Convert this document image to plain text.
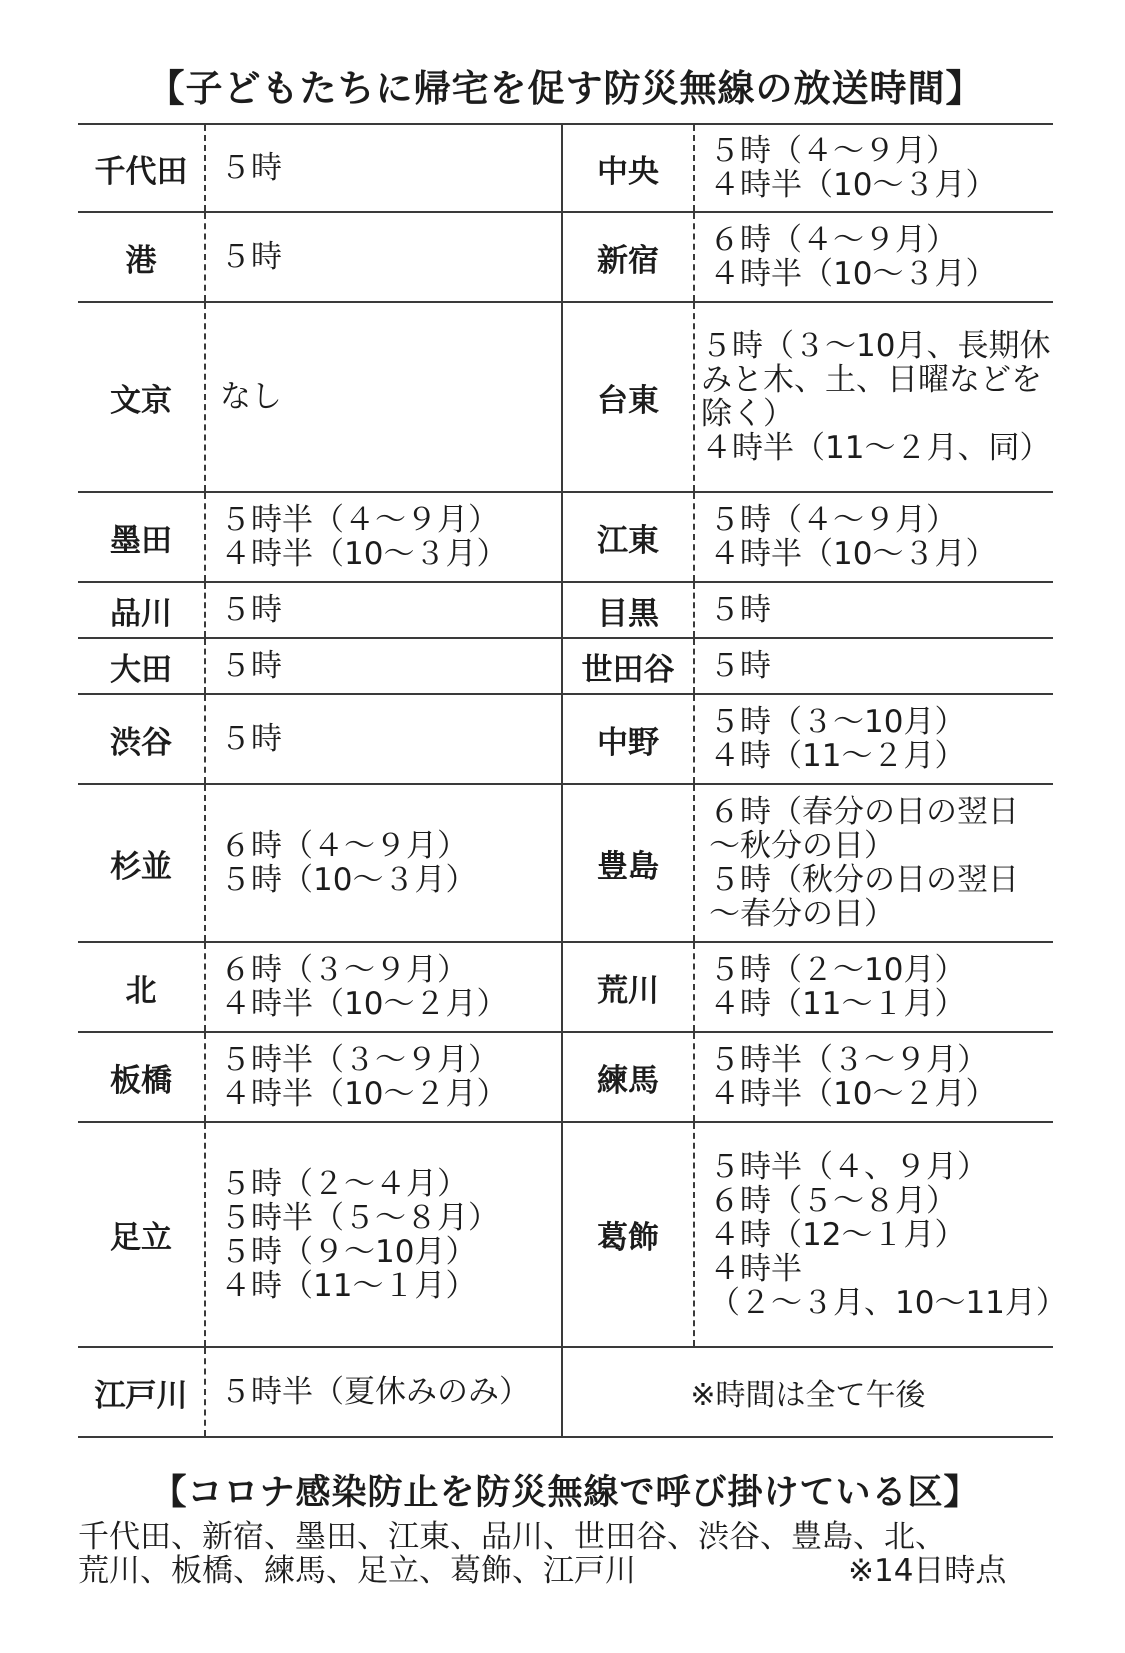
【子どもたちに帰宅を促す防災無線の放送時間】
千代田	５時	中央	５時（４～９月）
４時半（10～３月）

港	５時	新宿	６時（４～９月）
４時半（10～３月）

文京	なし	台東	５時（３～10月、長期休
みと木、土、日曜などを
除く）
４時半（11～２月、同）

墨田	５時半（４～９月）
４時半（10～３月）	江東	５時（４～９月）
４時半（10～３月）

品川	５時	目黒	５時

大田	５時	世田谷	５時

渋谷	５時	中野	５時（３～10月）
４時（11～２月）

杉並	６時（４～９月）
５時（10～３月）	豊島	６時（春分の日の翌日
～秋分の日）
５時（秋分の日の翌日
～春分の日）

北	６時（３～９月）
４時半（10～２月）	荒川	５時（２～10月）
４時（11～１月）

板橋	５時半（３～９月）
４時半（10～２月）	練馬	５時半（３～９月）
４時半（10～２月）

足立	５時（２～４月）
５時半（５～８月）
５時（９～10月）
４時（11～１月）	葛飾	５時半（４、９月）
６時（５～８月）
４時（12～１月）
４時半
（２～３月、10～11月）

江戸川	５時半（夏休みのみ）	※時間は全て午後	
【コロナ感染防止を防災無線で呼び掛けている区】
千代田、新宿、墨田、江東、品川、世田谷、渋谷、豊島、北、
荒川、板橋、練馬、足立、葛飾、江戸川	※14日時点
